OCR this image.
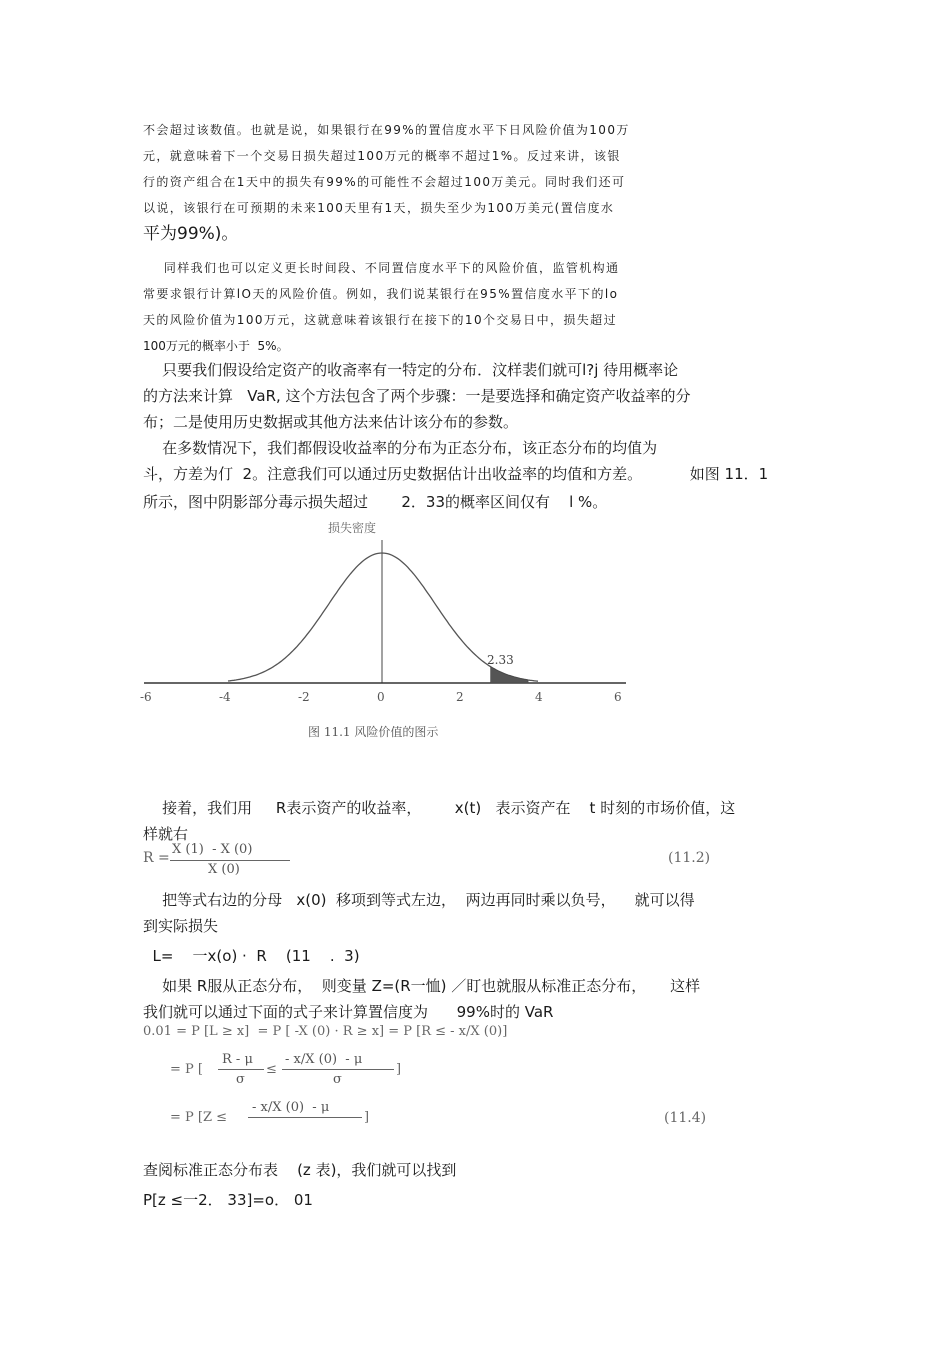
不会超过该数值。也就是说，如果银行在99%的置信度水平下日风险价值为100万
元，就意味着下一个交易日损失超过100万元的概率不超过1%。反过来讲，该银
行的资产组合在1天中的损失有99%的可能性不会超过100万美元。同时我们还可
以说，该银行在可预期的未来100天里有1天，损失至少为100万美元(置信度水
平为99%)。
同样我们也可以定义更长时间段、不同置信度水平下的风险价值，监管机构通
常要求银行计算lO天的风险价值。例如，我们说某银行在95%置信度水平下的lo
天的风险价值为100万元，这就意味着该银行在接下的10个交易日中，损失超过
100万元的概率小于  5%。
只要我们假设给定资产的收斋率有一特定的分布．汶样裴们就可l?j 待用概率论
的方法来计算   VaR, 这个方法包含了两个步骤：一是要选择和确定资产收益率的分
布；二是使用历史数据或其他方法来估计该分布的参数。
在多数情况下，我们都假设收益率的分布为正态分布，该正态分布的均值为
斗，方差为仃  2。注意我们可以通过历史数据估计出收益率的均值和方差。          如图 11．1
所示，图中阴影部分毒示损失超过       2．33的概率区间仅有    l %。
损失密度
2.33
-6	-4	-2	0	2	4	6
图 11.1 风险价值的图示
接着，我们用     R表示资产的收益率，       x(t)   表示资产在    t 时刻的市场价值，这
样就右
R =
X (1)  - X (0)
X (0)
(11.2)
把等式右边的分母   x(0)  移项到等式左边，  两边再同时乘以负号，    就可以得
到实际损失
L=    一x(o) ·  R    (11    .  3)
如果 R服从正态分布，  则变量 Z=(R一恤) ／盯也就服从标准正态分布，     这样
我们就可以通过下面的式子来计算置信度为      99%时的 VaR
0.01 = P [L ≥ x]  = P [ -X (0) · R ≥ x] = P [R ≤ - x/X (0)]
= P [
R - μ
σ
≤
- x/X (0)  - μ
σ
]
= P [Z ≤
- x/X (0)  - μ
]	(11.4)
查阅标准正态分布表    (z 表)，我们就可以找到
P[z ≤一2． 33]=o． 01
